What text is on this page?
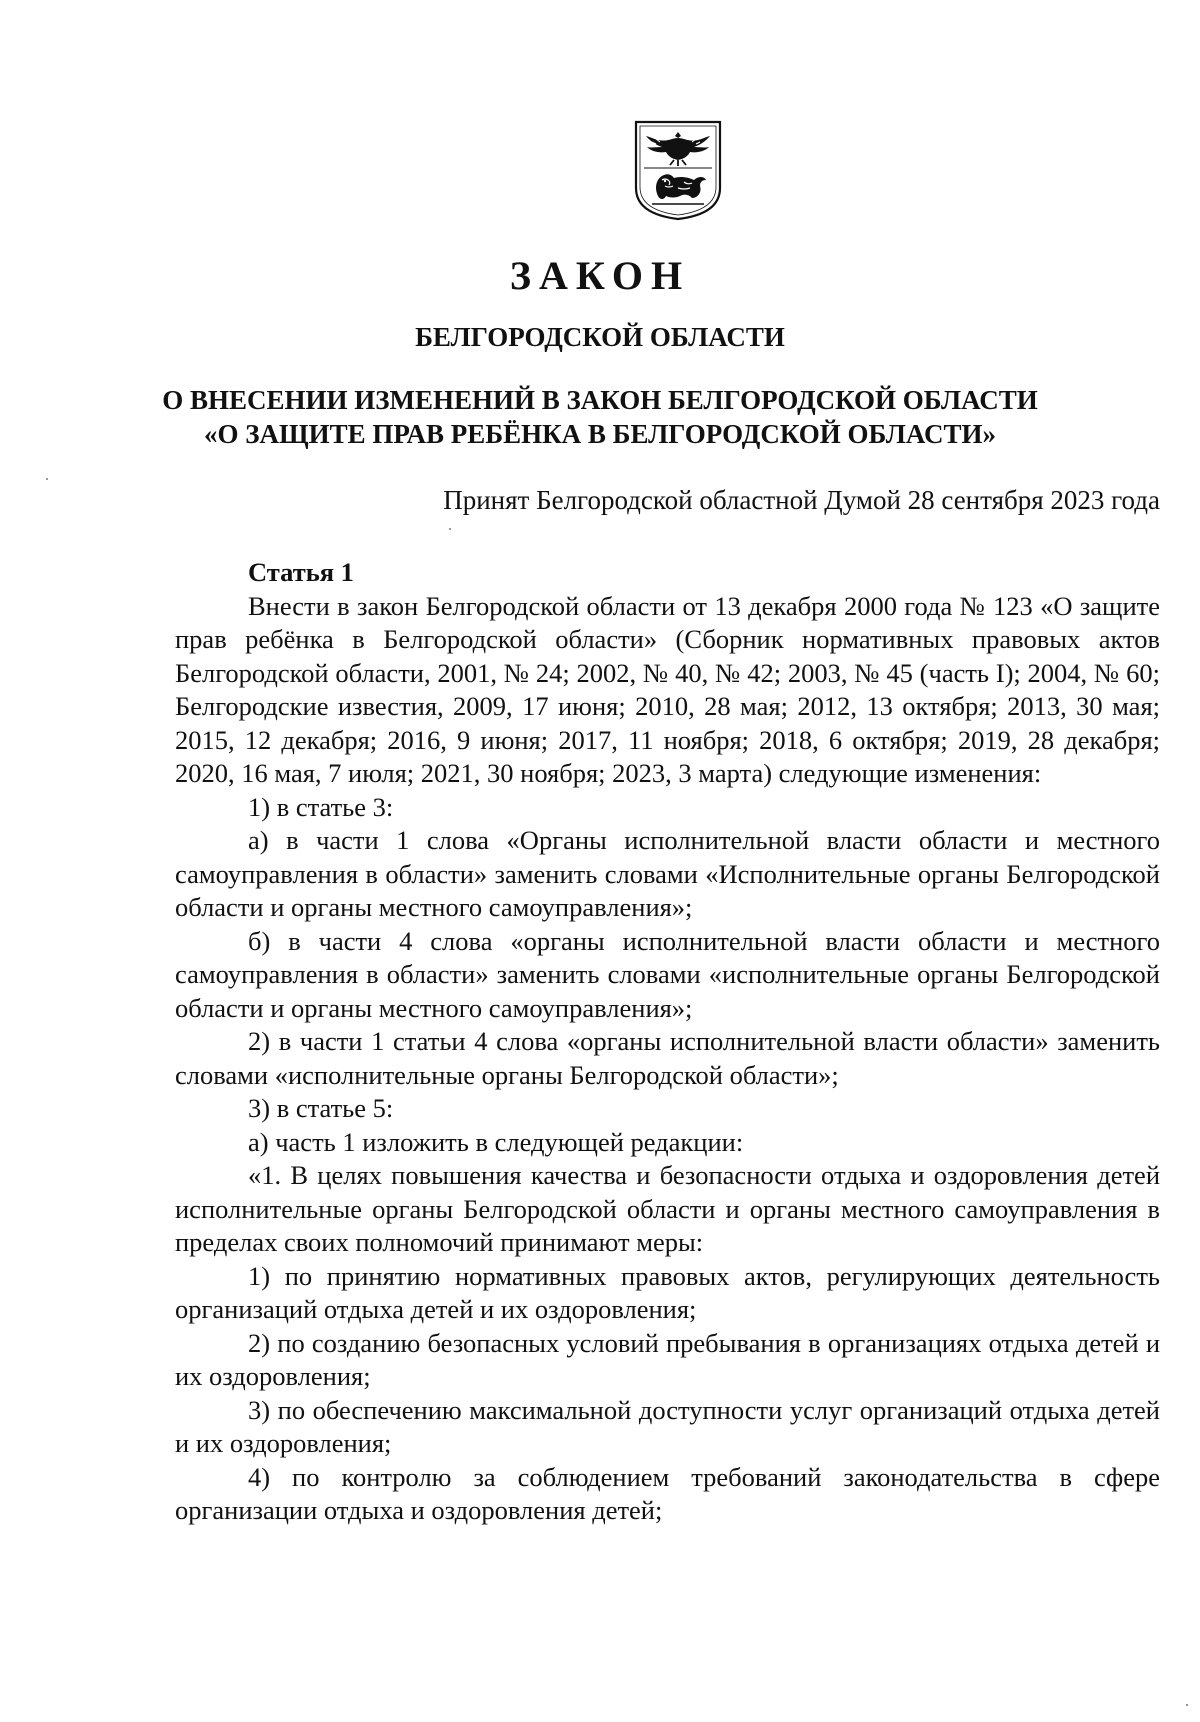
ЗАКОН
БЕЛГОРОДСКОЙ ОБЛАСТИ
О ВНЕСЕНИИ ИЗМЕНЕНИЙ В ЗАКОН БЕЛГОРОДСКОЙ ОБЛАСТИ
«О ЗАЩИТЕ ПРАВ РЕБЁНКА В БЕЛГОРОДСКОЙ ОБЛАСТИ»
Принят Белгородской областной Думой 28 сентября 2023 года

Статья 1

Внести в закон Белгородской области от 13 декабря 2000 года № 123 «О защите прав ребёнка в Белгородской области» (Сборник нормативных правовых актов Белгородской области, 2001, № 24; 2002, № 40, № 42; 2003, № 45 (часть I); 2004, № 60; Белгородские известия, 2009, 17 июня; 2010, 28 мая; 2012, 13 октября; 2013, 30 мая; 2015, 12 декабря; 2016, 9 июня; 2017, 11 ноября; 2018, 6 октября; 2019, 28 декабря; 2020, 16 мая, 7 июля; 2021, 30 ноября; 2023, 3 марта) следующие изменения:

1) в статье 3:

а) в части 1 слова «Органы исполнительной власти области и местного самоуправления в области» заменить словами «Исполнительные органы Белгородской области и органы местного самоуправления»;

б) в части 4 слова «органы исполнительной власти области и местного самоуправления в области» заменить словами «исполнительные органы Белгородской области и органы местного самоуправления»;

2) в части 1 статьи 4 слова «органы исполнительной власти области» заменить словами «исполнительные органы Белгородской области»;

3) в статье 5:

а) часть 1 изложить в следующей редакции:

«1. В целях повышения качества и безопасности отдыха и оздоровления детей исполнительные органы Белгородской области и органы местного самоуправления в пределах своих полномочий принимают меры:

1) по принятию нормативных правовых актов, регулирующих деятельность организаций отдыха детей и их оздоровления;

2) по созданию безопасных условий пребывания в организациях отдыха детей и их оздоровления;

3) по обеспечению максимальной доступности услуг организаций отдыха детей и их оздоровления;

4) по контролю за соблюдением требований законодательства в сфере организации отдыха и оздоровления детей;
